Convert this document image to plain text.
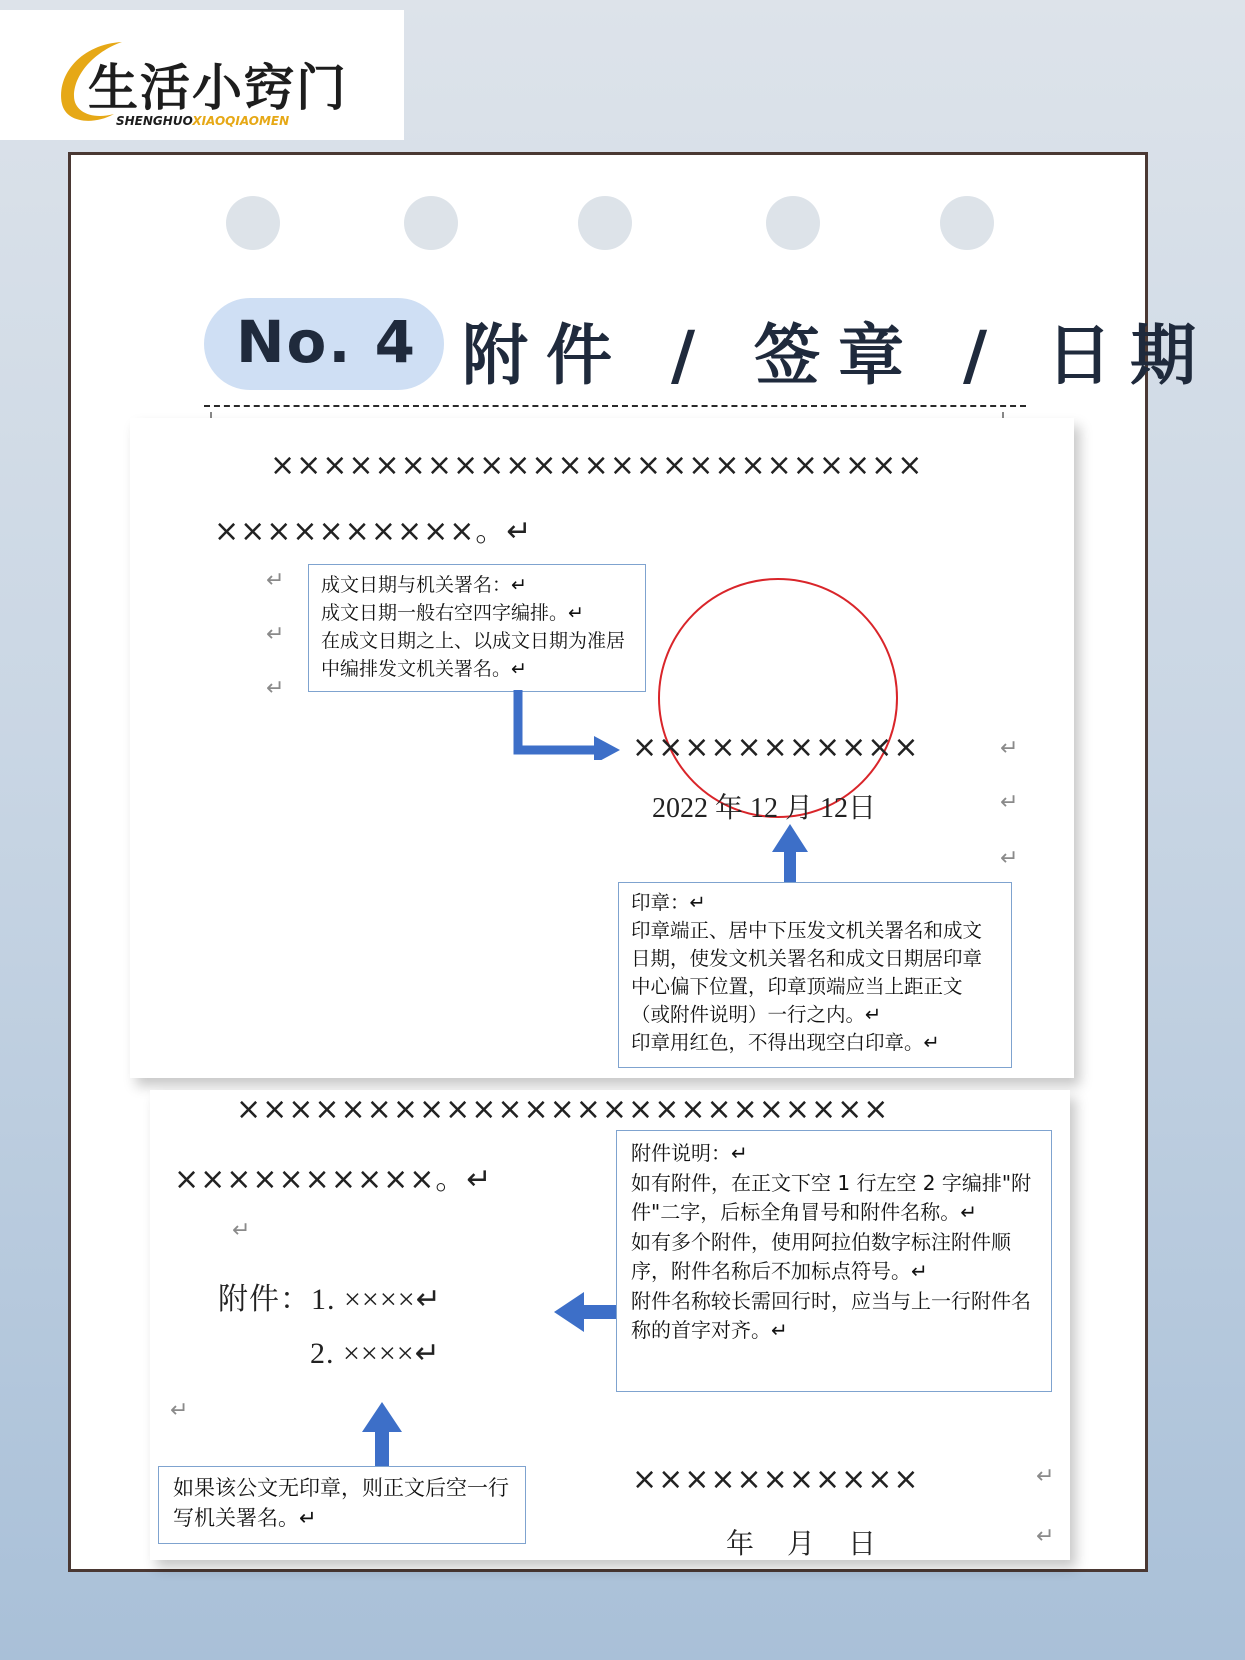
生活小窍门
SHENGHUOXIAOQIAOMEN
No. 4 附件 / 签章 / 日期
×××××××××××××××××××××××××
××××××××××。↵
↵
↵
↵
↵
↵
↵

成文日期与机关署名：↵

成文日期一般右空四字编排。↵

在成文日期之上、以成文日期为准居中编排发文机关署名。↵

×××××××××××
2022 年 12 月 12日

印章：↵

印章端正、居中下压发文机关署名和成文日期，使发文机关署名和成文日期居印章中心偏下位置，印章顶端应当上距正文（或附件说明）一行之内。↵

印章用红色，不得出现空白印章。↵

×××××××××××××××××××××××××
××××××××××。↵
↵
附件：1. ××××↵
2. ××××↵
↵

附件说明：↵

如有附件，在正文下空 1 行左空 2 字编排"附件"二字，后标全角冒号和附件名称。↵

如有多个附件，使用阿拉伯数字标注附件顺序，附件名称后不加标点符号。↵

附件名称较长需回行时，应当与上一行附件名称的首字对齐。↵

如果该公文无印章，则正文后空一行写机关署名。↵

×××××××××××	↵
年    月    日	↵
